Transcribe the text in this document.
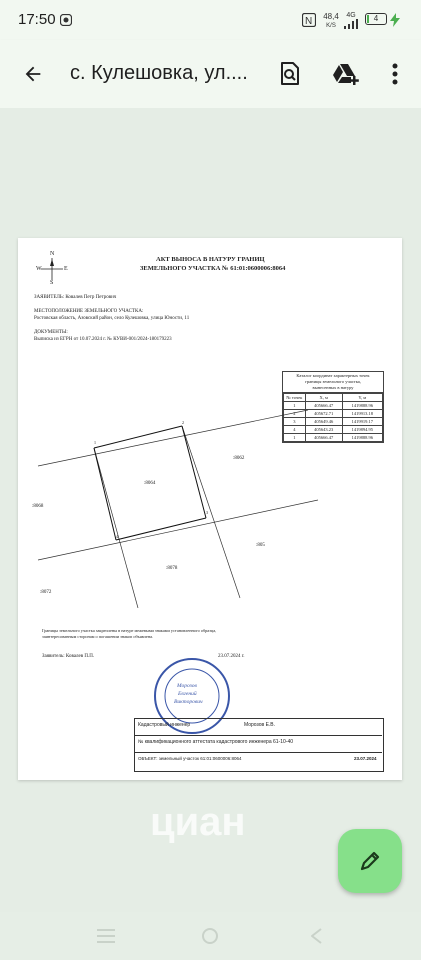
17:50	N	48,4
K/S
4G	4
с. Кулешовка, ул....
N
S
W	E
АКТ ВЫНОСА В НАТУРУ ГРАНИЦ
ЗЕМЕЛЬНОГО УЧАСТКА № 61:01:0600006:8064
ЗАЯВИТЕЛЬ: Ковалев Петр Петрович
МЕСТОПОЛОЖЕНИЕ ЗЕМЕЛЬНОГО УЧАСТКА:
Ростовская область, Азовский район, село Кулешовка, улица Юности, 11
ДОКУМЕНТЫ:
Выписка из ЕГРН от 10.07.2024 г. № КУВИ-001/2024-180179223
Каталог координат характерных точек
границы земельного участка,
вынесенных в натуру
№ точек	X, м	Y, м
1	405666.47	1419888.96
2	405672.71	1419913.18
3	405649.46	1419919.17
4	405643.23	1419894.95
1	405666.47	1419888.96
1
2
3
4
:8064
:8062
:8068
:8078
:8072
:805
Границы земельного участка закреплены в натуре межевыми знаками установленного образца,
заинтересованным сторонам о погашении знакоп объявлена.
Заявитель: Ковалев П.П.	23.07.2024 г.
Морозов
Евгений
Викторович
Кадастровый инженер	Морозов Е.В.
№ квалификационного аттестата кадастрового инженера 61-10-40
ОБЪЕКТ: земельный участок 61:01:0600006:8064	23.07.2024
циан
